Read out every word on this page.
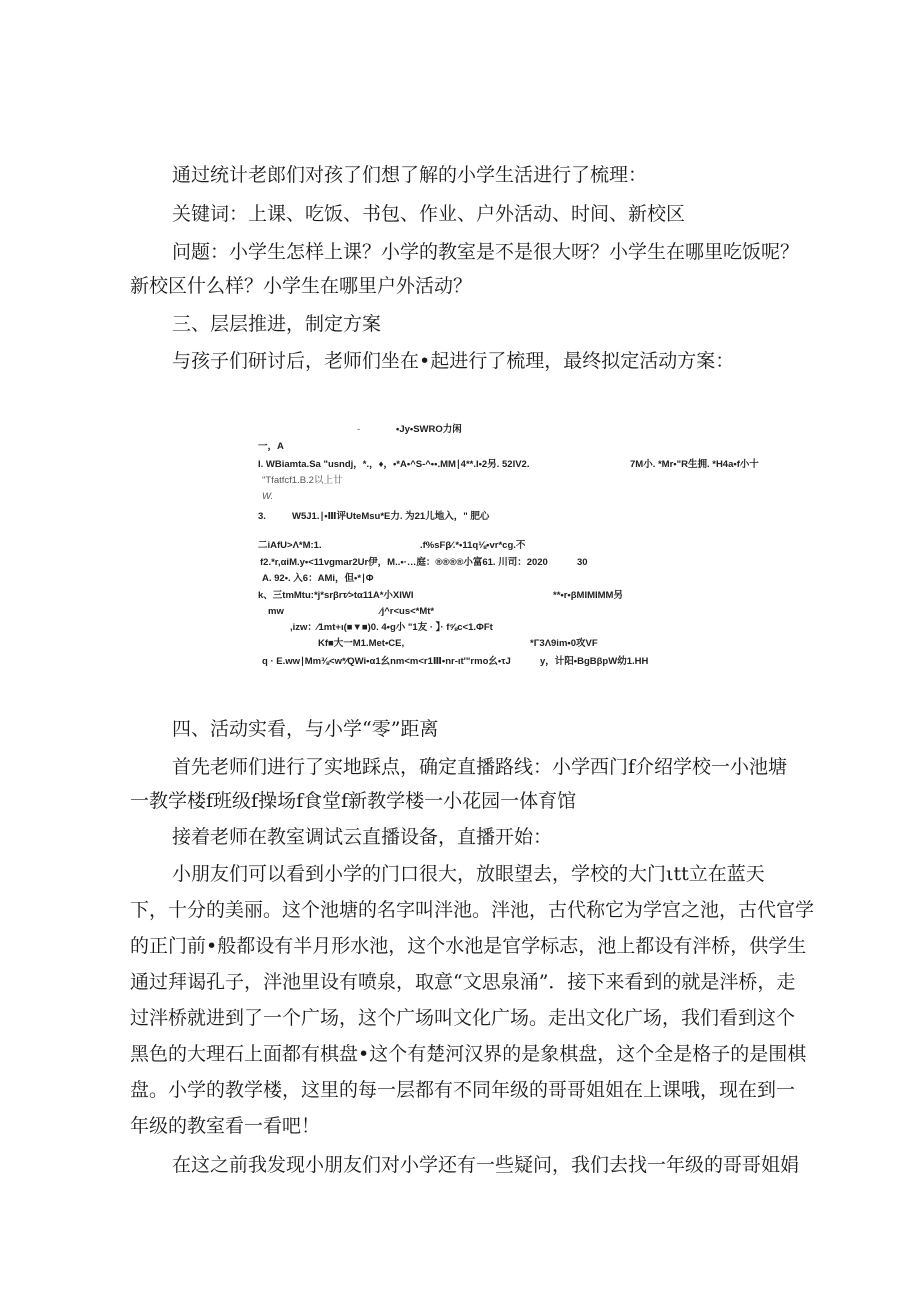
通过统计老郎们对孩了们想了解的小学生活进行了梳理：
关键词：上课、吃饭、书包、作业、户外活动、时间、新校区
问题：小学生怎样上课？小学的教室是不是很大呀？小学生在哪里吃饭呢？
新校区什么样？小学生在哪里户外活动？
三、层层推进，制定方案
与孩子们研讨后，老师们坐在•起进行了梳理，最终拟定活动方案：
-	•Jy•SWRO力闲
一，A
I. WBiamta.Sa "usndj，*.，♦，•*A•^S-^••.MM∣4**.I•2另. 52IV2.	7M小. *Mr•"R生拥. *H4a•f小十
"Tfatfcf1.B.2以上廿
W.
3.	W5J1.∣•Ⅲ评UteMsu*E力. 为21儿地入，" 肥心
二iAfU>Λ*M:1.	.f%sFβ∕.*•11q⅛•vr*cg.不
f2.*r,αiM.y•<11vgmar2Ur伊，M..•·…庭：®®®®小富61. 川司：2020	30
A. 92•. 入6：AMi，但•*∣Φ
k、三tmMtu:*j*srβrτ∕>tα11A*小XIWI	**•r•βMIMIMM另
mw	∕j^r<us<*Mt*
,izw：∕1mt+ι(■▼■)0. 4•g小 "1友 · 】· f⅝c<1.ΦFt
Kf■大一M1.Met•CE,	*Γ3Λ9im•0攻VF
q · E.ww∣Mm⅜<w*∕QWi•α1幺nm<m<r1Ⅲ•nr-ιt'"rmo幺•τJ	y，计阳•BgBβpW幼1.HH
四、活动实看，与小学“零”距离
首先老师们进行了实地踩点，确定直播路线：小学西门f介绍学校一小池塘
一教学楼f班级f操场f食堂f新教学楼一小花园一体育馆
接着老师在教室调试云直播设备，直播开始：
小朋友们可以看到小学的门口很大，放眼望去，学校的大门ιtt立在蓝天
下，十分的美丽。这个池塘的名字叫泮池。泮池，古代称它为学宫之池，古代官学
的正门前•般都设有半月形水池，这个水池是官学标志，池上都设有泮桥，供学生
通过拜谒孔子，泮池里设有喷泉，取意“文思泉涌”．接下来看到的就是泮桥，走
过泮桥就进到了一个广场，这个广场叫文化广场。走出文化广场，我们看到这个
黑色的大理石上面都有棋盘•这个有楚河汉界的是象棋盘，这个全是格子的是围棋
盘。小学的教学楼，这里的每一层都有不同年级的哥哥姐姐在上课哦，现在到一
年级的教室看一看吧！
在这之前我发现小朋友们对小学还有一些疑问，我们去找一年级的哥哥姐娟
